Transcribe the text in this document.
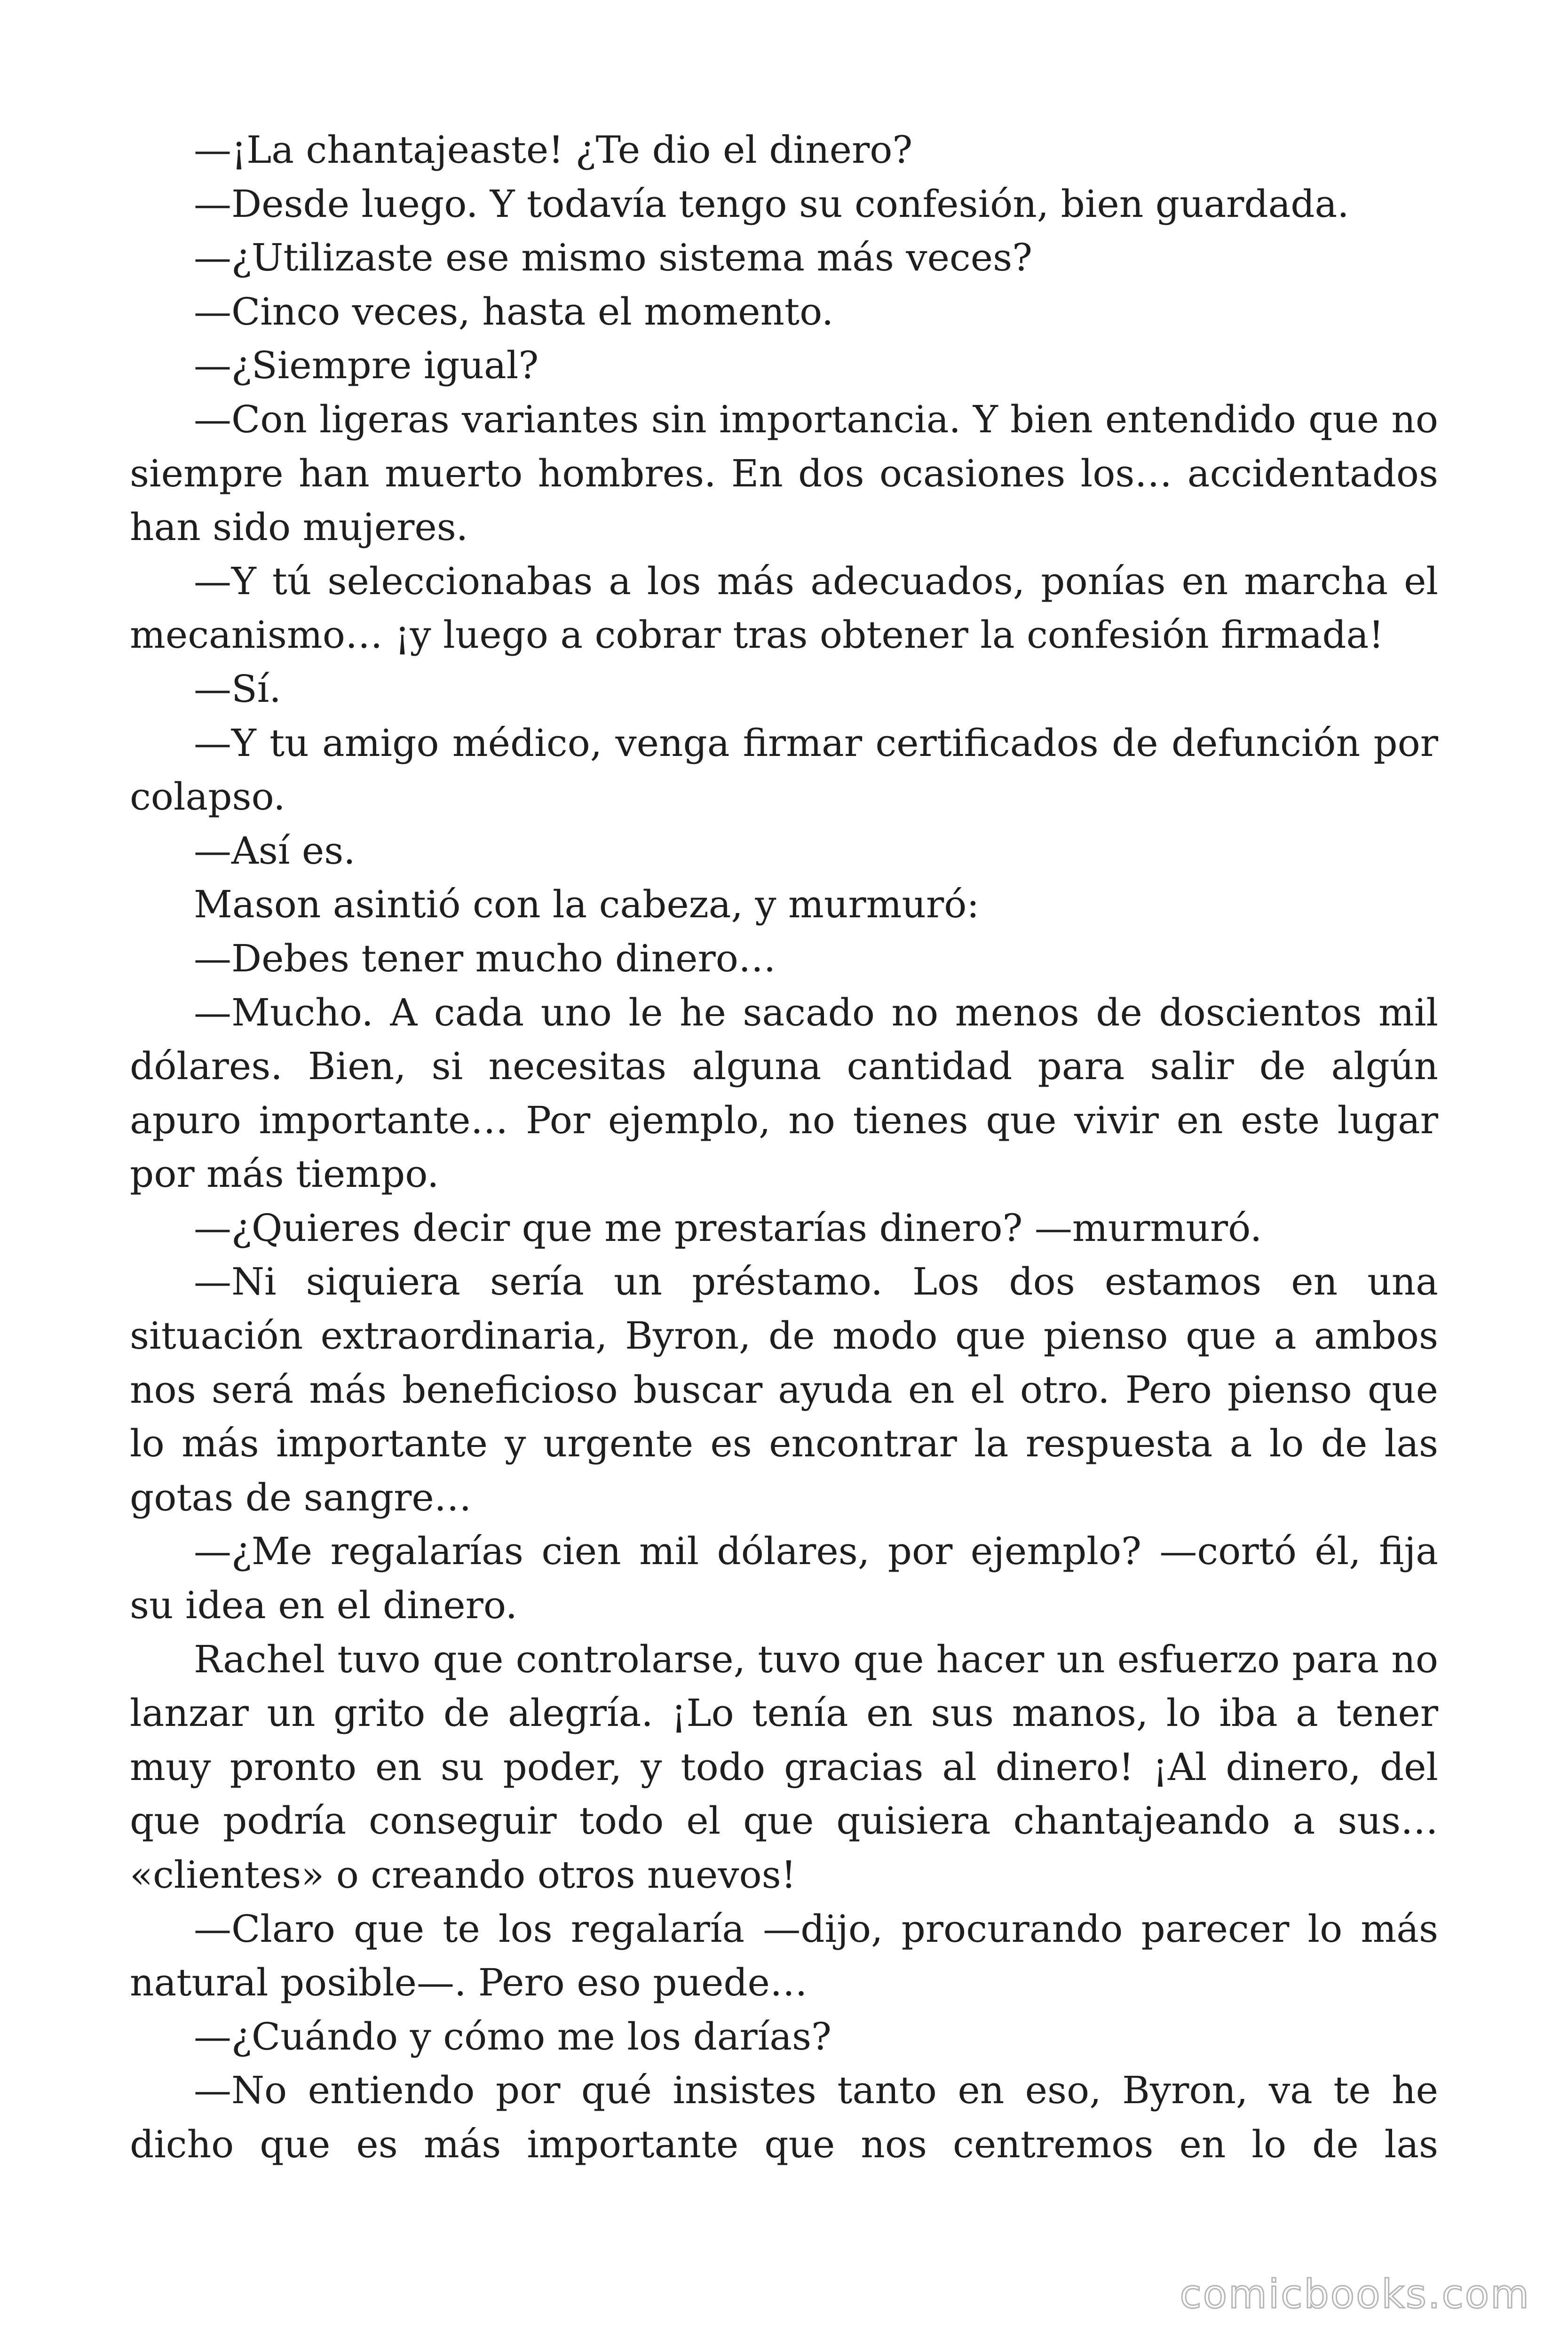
—¡La chantajeaste! ¿Te dio el dinero?

—Desde luego. Y todavía tengo su confesión, bien guardada.

—¿Utilizaste ese mismo sistema más veces?

—Cinco veces, hasta el momento.

—¿Siempre igual?

—Con ligeras variantes sin importancia. Y bien entendido que no siempre han muerto hombres. En dos ocasiones los… accidentados han sido mujeres.

—Y tú seleccionabas a los más adecuados, ponías en marcha el mecanismo… ¡y luego a cobrar tras obtener la confesión firmada!

—Sí.

—Y tu amigo médico, venga firmar certificados de defunción por colapso.

—Así es.

Mason asintió con la cabeza, y murmuró:

—Debes tener mucho dinero…

—Mucho. A cada uno le he sacado no menos de doscientos mil dólares. Bien, si necesitas alguna cantidad para salir de algún apuro importante… Por ejemplo, no tienes que vivir en este lugar por más tiempo.

—¿Quieres decir que me prestarías dinero? —murmuró.

—Ni siquiera sería un préstamo. Los dos estamos en una situación extraordinaria, Byron, de modo que pienso que a ambos nos será más beneficioso buscar ayuda en el otro. Pero pienso que lo más importante y urgente es encontrar la respuesta a lo de las gotas de sangre…

—¿Me regalarías cien mil dólares, por ejemplo? —cortó él, fija su idea en el dinero.

Rachel tuvo que controlarse, tuvo que hacer un esfuerzo para no lanzar un grito de alegría. ¡Lo tenía en sus manos, lo iba a tener muy pronto en su poder, y todo gracias al dinero! ¡Al dinero, del que podría conseguir todo el que quisiera chantajeando a sus… «clientes» o creando otros nuevos!

—Claro que te los regalaría —dijo, procurando parecer lo más natural posible—. Pero eso puede…

—¿Cuándo y cómo me los darías?

—No entiendo por qué insistes tanto en eso, Byron, va te he dicho que es más importante que nos centremos en lo de las

comicbooks.com
